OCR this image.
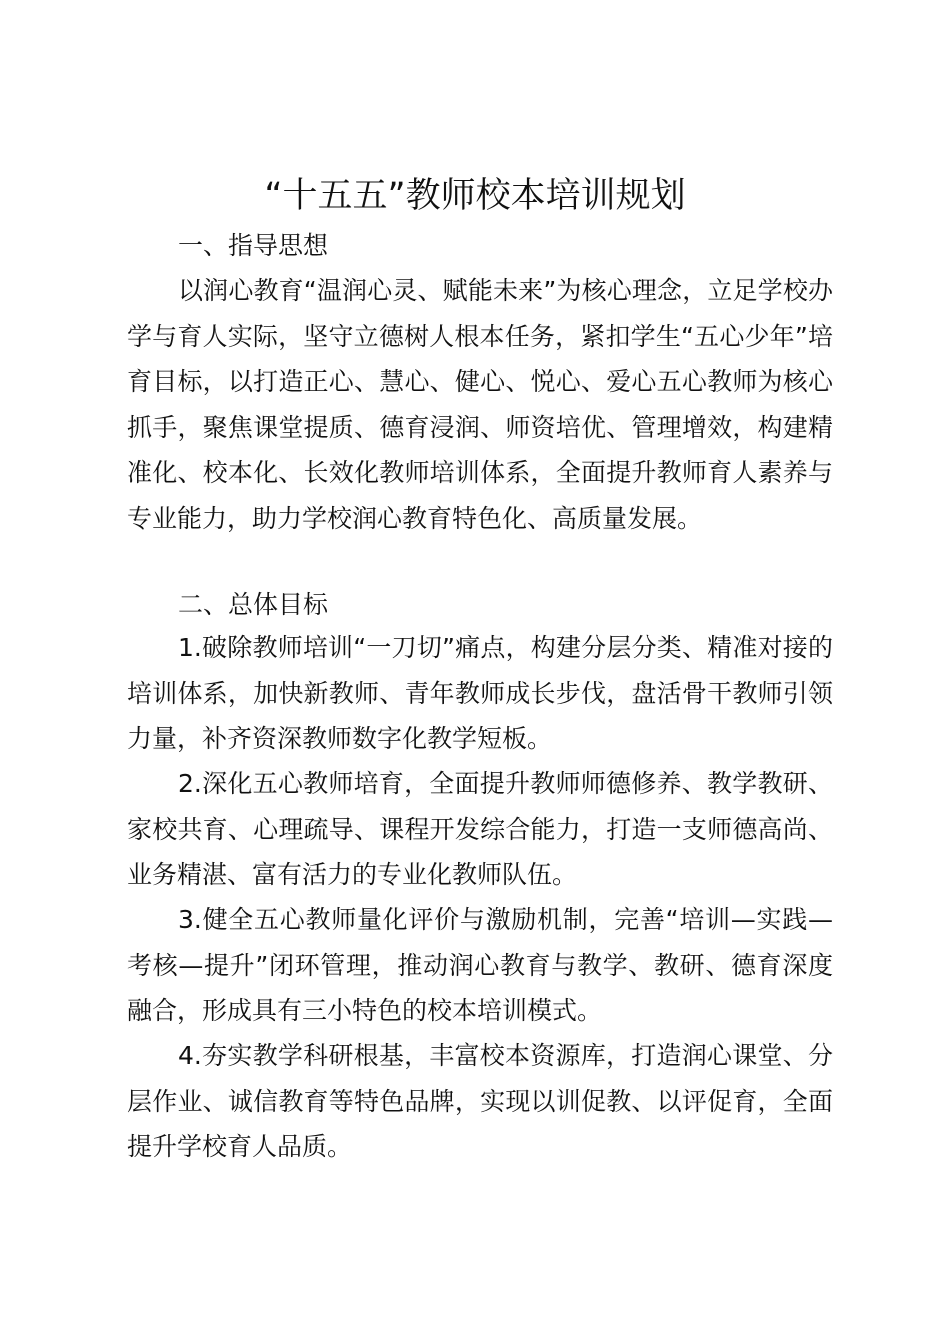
“十五五”教师校本培训规划
一、指导思想

以润心教育“温润心灵、赋能未来”为核心理念，立足学校办学与育人实际，坚守立德树人根本任务，紧扣学生“五心少年”培育目标，以打造正心、慧心、健心、悦心、爱心五心教师为核心抓手，聚焦课堂提质、德育浸润、师资培优、管理增效，构建精准化、校本化、长效化教师培训体系，全面提升教师育人素养与专业能力，助力学校润心教育特色化、高质量发展。

二、总体目标

1.破除教师培训“一刀切”痛点，构建分层分类、精准对接的培训体系，加快新教师、青年教师成长步伐，盘活骨干教师引领力量，补齐资深教师数字化教学短板。

2.深化五心教师培育，全面提升教师师德修养、教学教研、家校共育、心理疏导、课程开发综合能力，打造一支师德高尚、业务精湛、富有活力的专业化教师队伍。

3.健全五心教师量化评价与激励机制，完善“培训—实践—考核—提升”闭环管理，推动润心教育与教学、教研、德育深度融合，形成具有三小特色的校本培训模式。

4.夯实教学科研根基，丰富校本资源库，打造润心课堂、分层作业、诚信教育等特色品牌，实现以训促教、以评促育，全面提升学校育人品质。
